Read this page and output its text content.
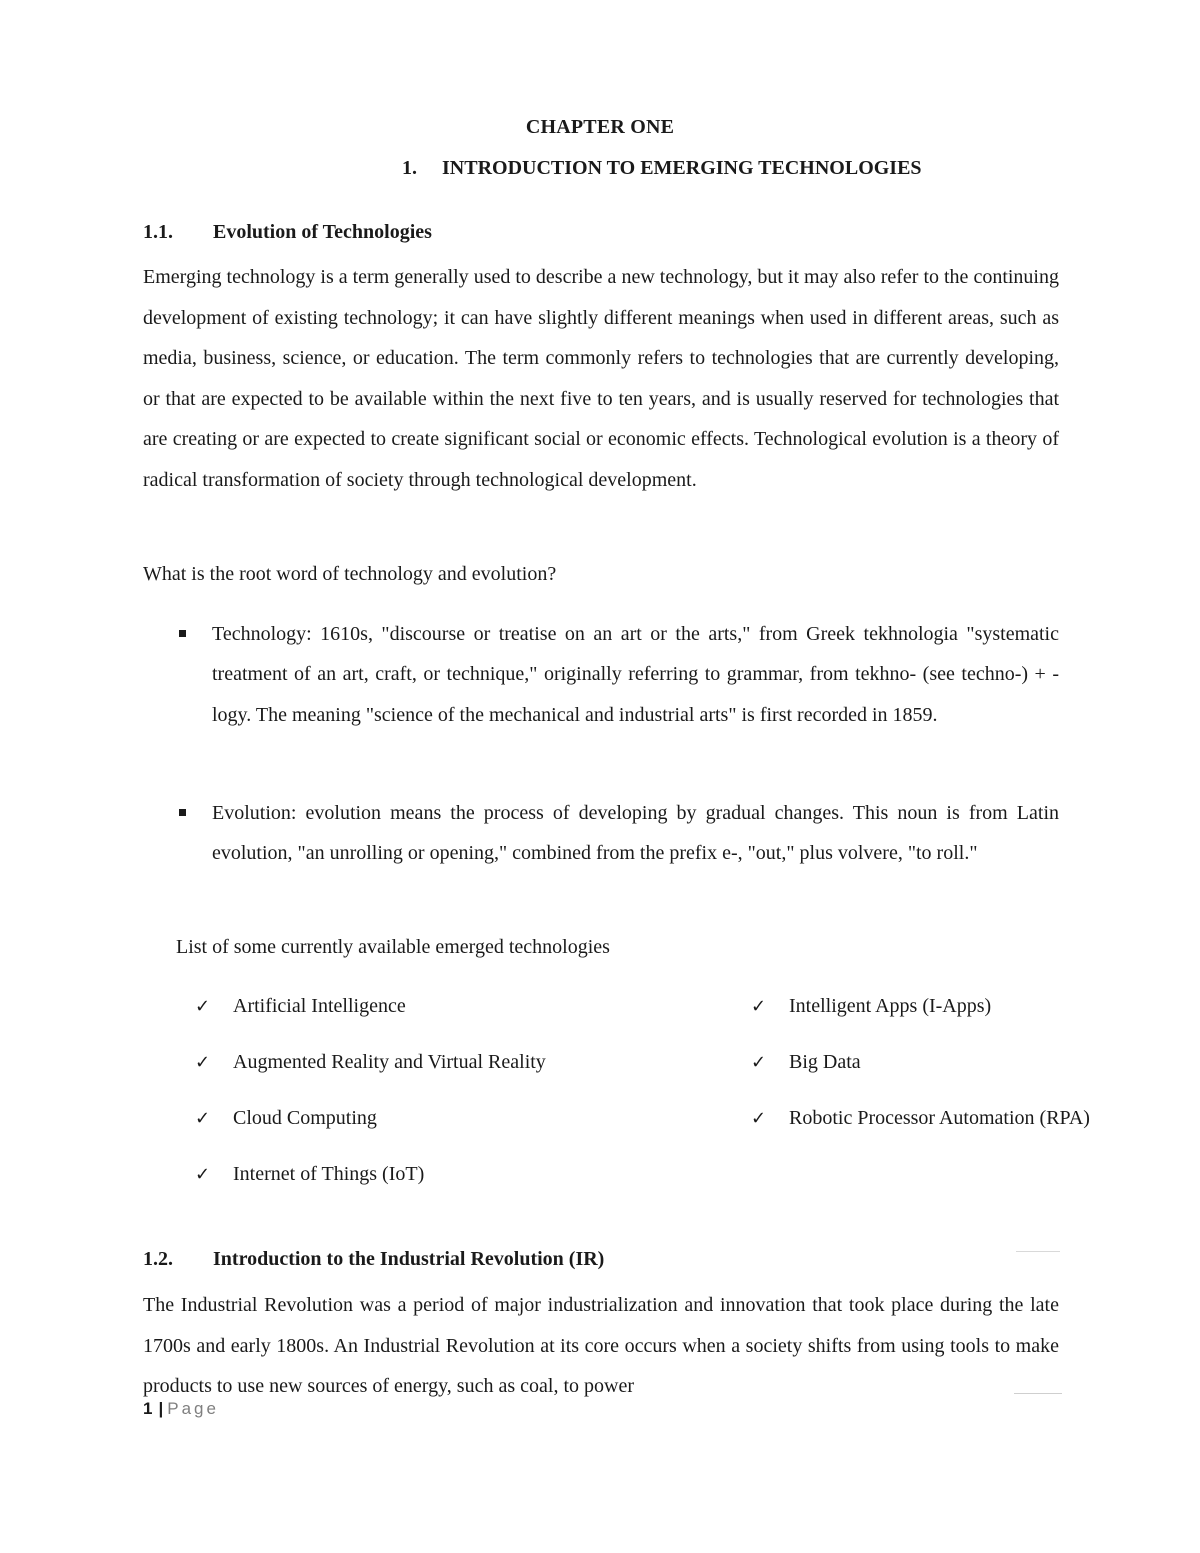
CHAPTER ONE
1. INTRODUCTION TO EMERGING TECHNOLOGIES
1.1. Evolution of Technologies
Emerging technology is a term generally used to describe a new technology, but it may also refer to the continuing development of existing technology; it can have slightly different meanings when used in different areas, such as media, business, science, or education. The term commonly refers to technologies that are currently developing, or that are expected to be available within the next five to ten years, and is usually reserved for technologies that are creating or are expected to create significant social or economic effects. Technological evolution is a theory of radical transformation of society through technological development.
What is the root word of technology and evolution?
Technology: 1610s, "discourse or treatise on an art or the arts," from Greek tekhnologia "systematic treatment of an art, craft, or technique," originally referring to grammar, from tekhno- (see techno-) + -logy. The meaning "science of the mechanical and industrial arts" is first recorded in 1859.
Evolution: evolution means the process of developing by gradual changes. This noun is from Latin evolution, "an unrolling or opening," combined from the prefix e-, "out," plus volvere, "to roll."
List of some currently available emerged technologies
✓ Artificial Intelligence
✓ Augmented Reality and Virtual Reality
✓ Cloud Computing
✓ Internet of Things (IoT)
✓ Intelligent Apps (I-Apps)
✓ Big Data
✓ Robotic Processor Automation (RPA)
1.2. Introduction to the Industrial Revolution (IR)
The Industrial Revolution was a period of major industrialization and innovation that took place during the late 1700s and early 1800s. An Industrial Revolution at its core occurs when a society shifts from using tools to make products to use new sources of energy, such as coal, to power
1 | Page
